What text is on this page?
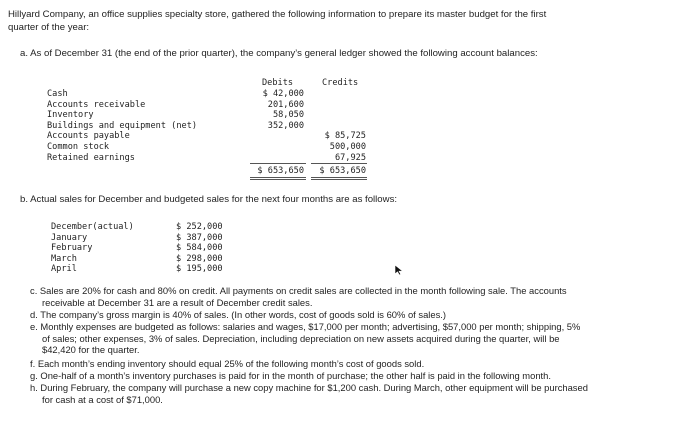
Hillyard Company, an office supplies specialty store, gathered the following information to prepare its master budget for the first
quarter of the year:
a. As of December 31 (the end of the prior quarter), the company’s general ledger showed the following account balances:
Debits	Credits
Cash
Accounts receivable
Inventory
Buildings and equipment (net)
Accounts payable
Common stock
Retained earnings
$ 42,000
201,600
58,050
352,000
$ 85,725
500,000
67,925
$ 653,650	$ 653,650
b. Actual sales for December and budgeted sales for the next four months are as follows:
December(actual)
January
February
March
April
$ 252,000
$ 387,000
$ 584,000
$ 298,000
$ 195,000
c. Sales are 20% for cash and 80% on credit. All payments on credit sales are collected in the month following sale. The accounts
receivable at December 31 are a result of December credit sales.
d. The company’s gross margin is 40% of sales. (In other words, cost of goods sold is 60% of sales.)
e. Monthly expenses are budgeted as follows: salaries and wages, $17,000 per month; advertising, $57,000 per month; shipping, 5%
of sales; other expenses, 3% of sales. Depreciation, including depreciation on new assets acquired during the quarter, will be
$42,420 for the quarter.
f. Each month’s ending inventory should equal 25% of the following month’s cost of goods sold.
g. One-half of a month’s inventory purchases is paid for in the month of purchase; the other half is paid in the following month.
h. During February, the company will purchase a new copy machine for $1,200 cash. During March, other equipment will be purchased
for cash at a cost of $71,000.
